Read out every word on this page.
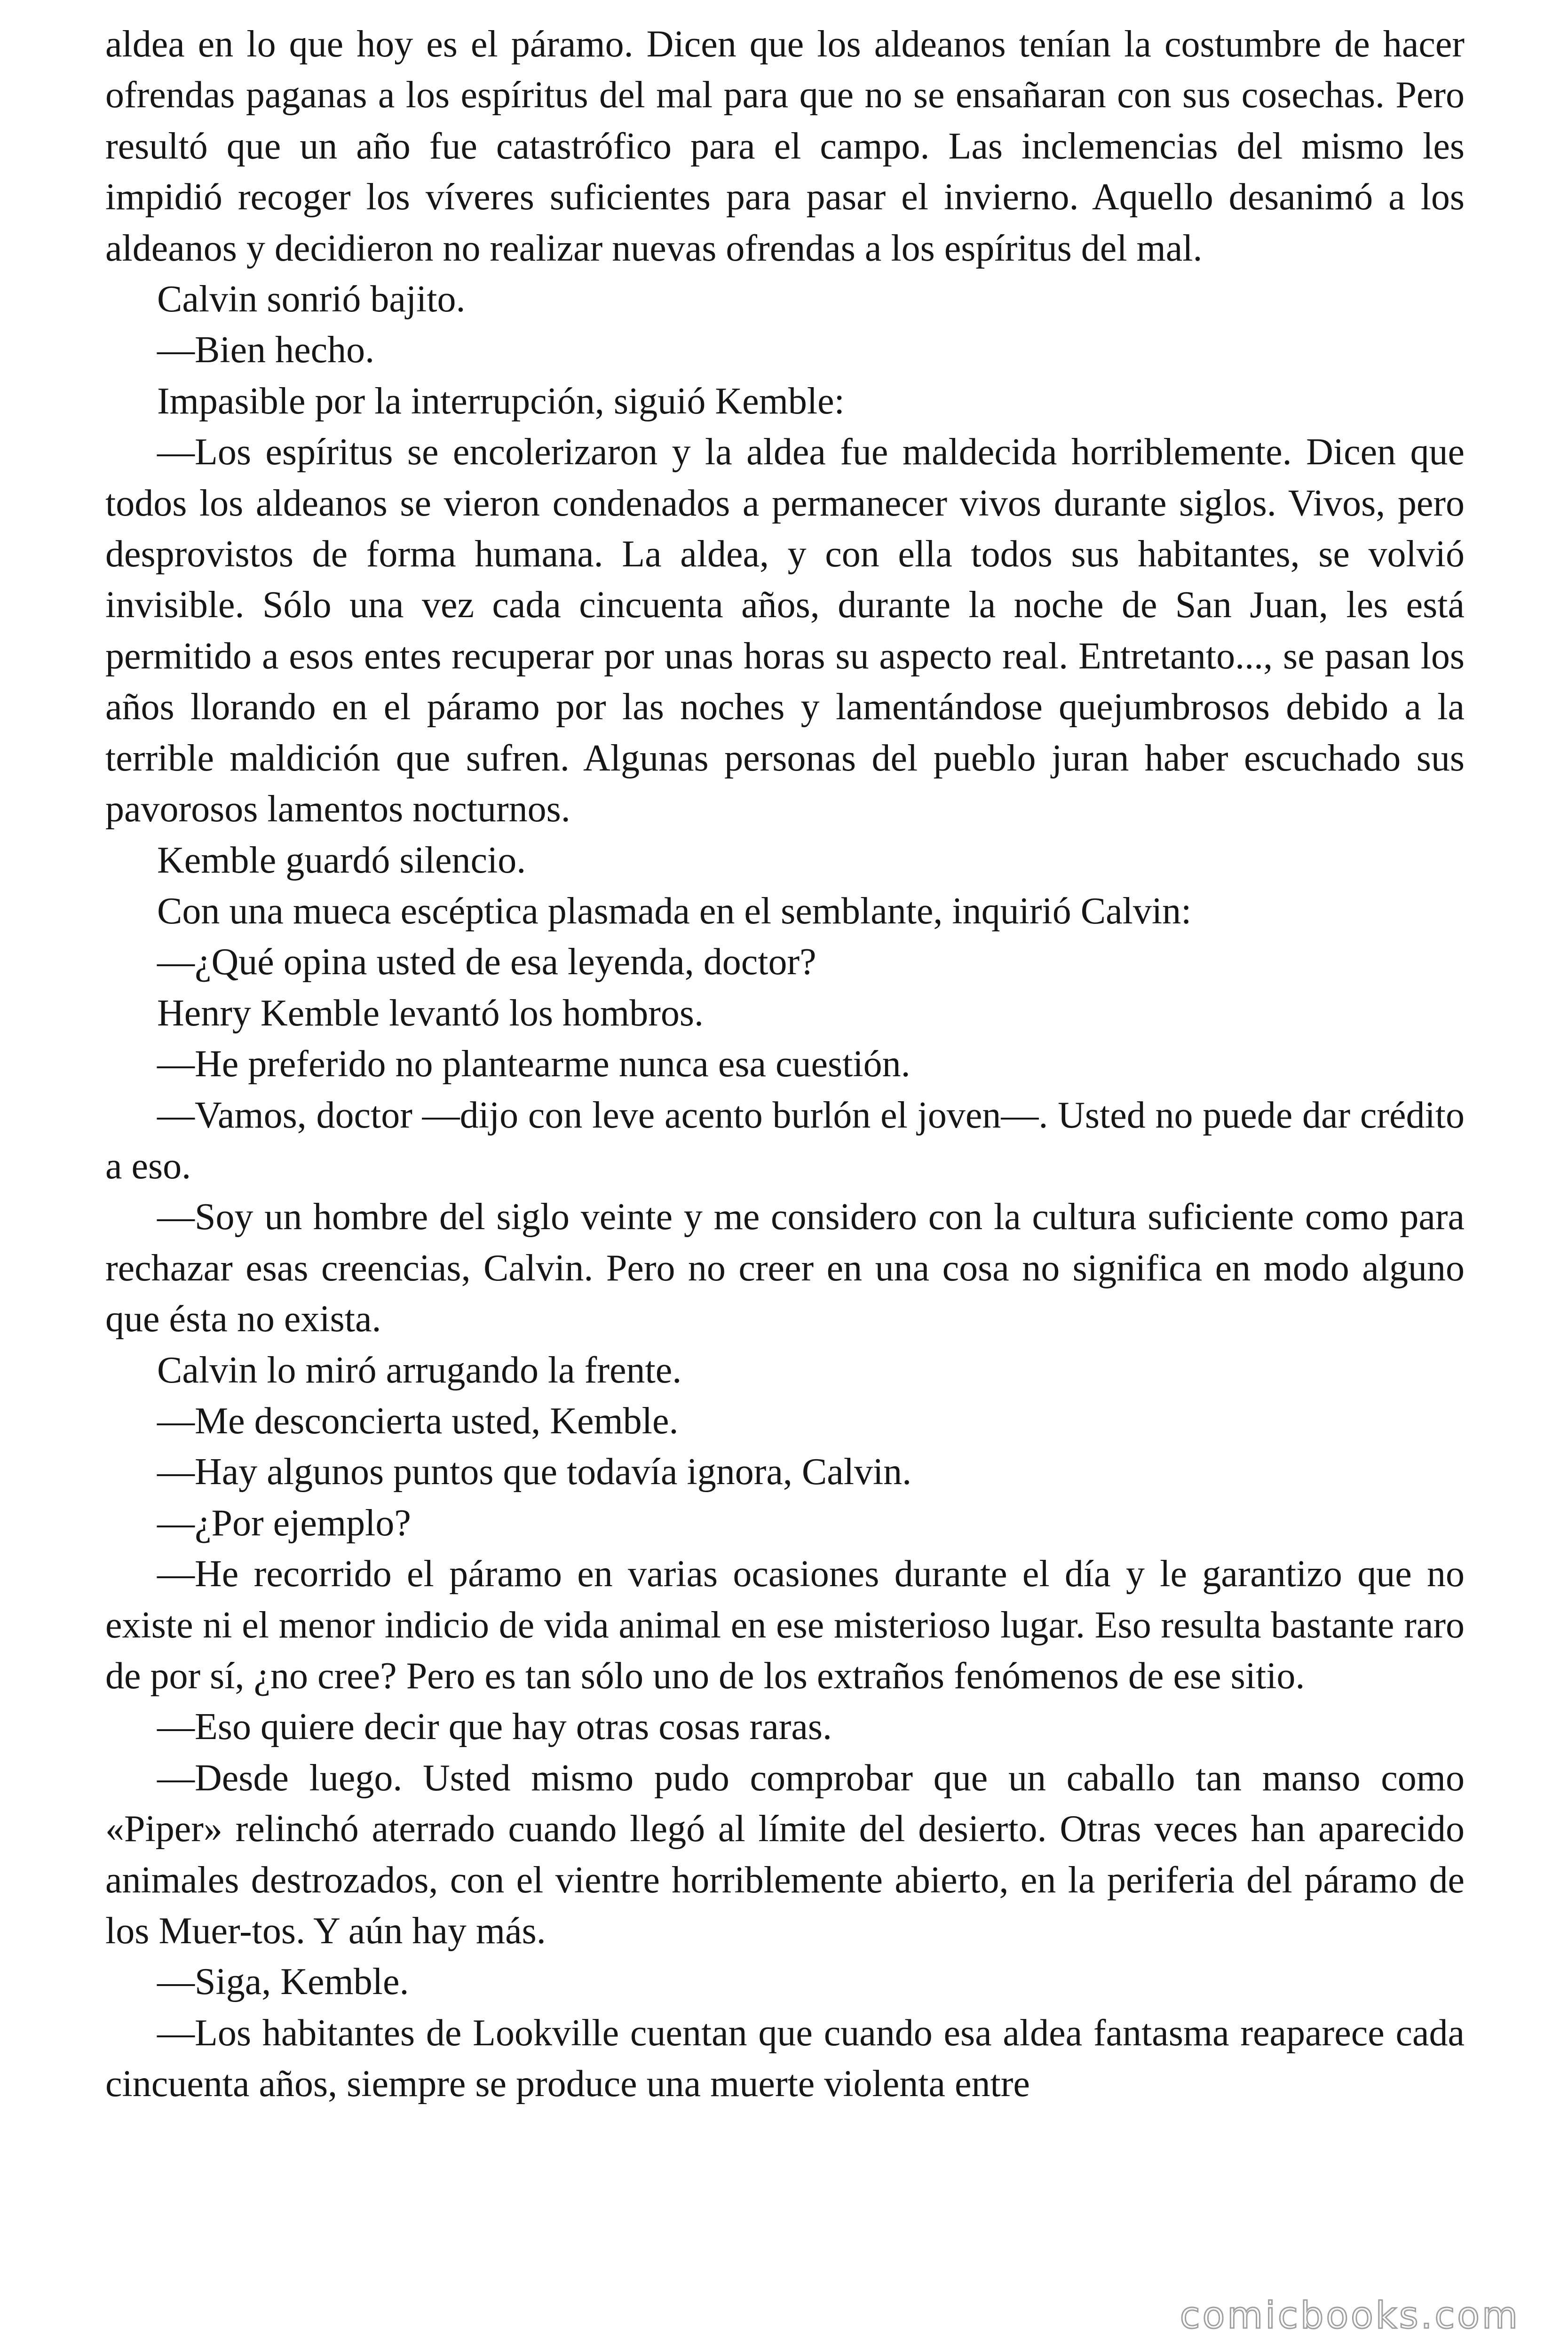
aldea en lo que hoy es el páramo. Dicen que los aldeanos tenían la costumbre de hacer ofrendas paganas a los espíritus del mal para que no se ensañaran con sus cosechas. Pero resultó que un año fue catastrófico para el campo. Las inclemencias del mismo les impidió recoger los víveres suficientes para pasar el invierno. Aquello desanimó a los aldeanos y decidieron no realizar nuevas ofrendas a los espíritus del mal.

Calvin sonrió bajito.

—Bien hecho.

Impasible por la interrupción, siguió Kemble:

—Los espíritus se encolerizaron y la aldea fue maldecida horriblemente. Dicen que todos los aldeanos se vieron condenados a permanecer vivos durante siglos. Vivos, pero desprovistos de forma humana. La aldea, y con ella todos sus habitantes, se volvió invisible. Sólo una vez cada cincuenta años, durante la noche de San Juan, les está permitido a esos entes recuperar por unas horas su aspecto real. Entretanto..., se pasan los años llorando en el páramo por las noches y lamentándose quejumbrosos debido a la terrible maldición que sufren. Algunas personas del pueblo juran haber escuchado sus pavorosos lamentos nocturnos.

Kemble guardó silencio.

Con una mueca escéptica plasmada en el semblante, inquirió Calvin:

—¿Qué opina usted de esa leyenda, doctor?

Henry Kemble levantó los hombros.

—He preferido no plantearme nunca esa cuestión.

—Vamos, doctor —dijo con leve acento burlón el joven—. Usted no puede dar crédito a eso.

—Soy un hombre del siglo veinte y me considero con la cultura suficiente como para rechazar esas creencias, Calvin. Pero no creer en una cosa no significa en modo alguno que ésta no exista.

Calvin lo miró arrugando la frente.

—Me desconcierta usted, Kemble.

—Hay algunos puntos que todavía ignora, Calvin.

—¿Por ejemplo?

—He recorrido el páramo en varias ocasiones durante el día y le garantizo que no existe ni el menor indicio de vida animal en ese misterioso lugar. Eso resulta bastante raro de por sí, ¿no cree? Pero es tan sólo uno de los extraños fenómenos de ese sitio.

—Eso quiere decir que hay otras cosas raras.

—Desde luego. Usted mismo pudo comprobar que un caballo tan manso como «Piper» relinchó aterrado cuando llegó al límite del desierto. Otras veces han aparecido animales destrozados, con el vientre horriblemente abierto, en la periferia del páramo de los Muer-tos. Y aún hay más.

—Siga, Kemble.

—Los habitantes de Lookville cuentan que cuando esa aldea fantasma reaparece cada cincuenta años, siempre se produce una muerte violenta entre

comicbooks.com
